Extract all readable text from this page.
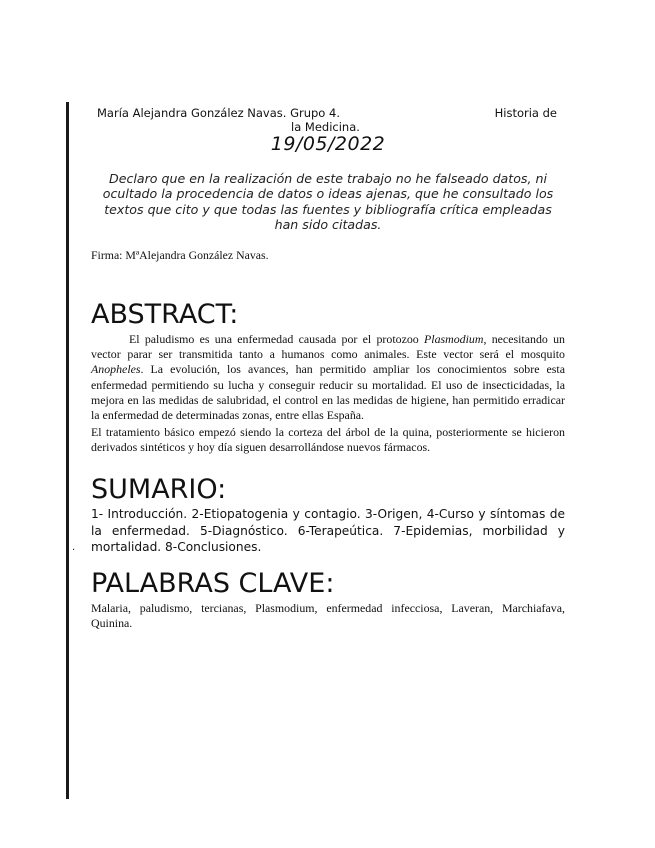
.
María Alejandra González Navas. Grupo 4.	Historia de
la Medicina.
19/05/2022
Declaro que en la realización de este trabajo no he falseado datos, ni ocultado la procedencia de datos o ideas ajenas, que he consultado los textos que cito y que todas las fuentes y bibliografía crítica empleadas han sido citadas.
Firma: MªAlejandra González Navas.
ABSTRACT:
El paludismo es una enfermedad causada por el protozoo Plasmodium, necesitando un vector parar ser transmitida tanto a humanos como animales. Este vector será el mosquito Anopheles. La evolución, los avances, han permitido ampliar los conocimientos sobre esta enfermedad permitiendo su lucha y conseguir reducir su mortalidad. El uso de insecticidadas, la mejora en las medidas de salubridad, el control en las medidas de higiene, han permitido erradicar la enfermedad de determinadas zonas, entre ellas España.
El tratamiento básico empezó siendo la corteza del árbol de la quina, posteriormente se hicieron derivados sintéticos y hoy día siguen desarrollándose nuevos fármacos.
SUMARIO:
1- Introducción. 2-Etiopatogenia y contagio. 3-Origen, 4-Curso y síntomas de la enfermedad. 5-Diagnóstico. 6-Terapeútica. 7-Epidemias, morbilidad y mortalidad. 8-Conclusiones.
PALABRAS CLAVE:
Malaria, paludismo, tercianas, Plasmodium, enfermedad infecciosa, Laveran, Marchiafava, Quinina.
